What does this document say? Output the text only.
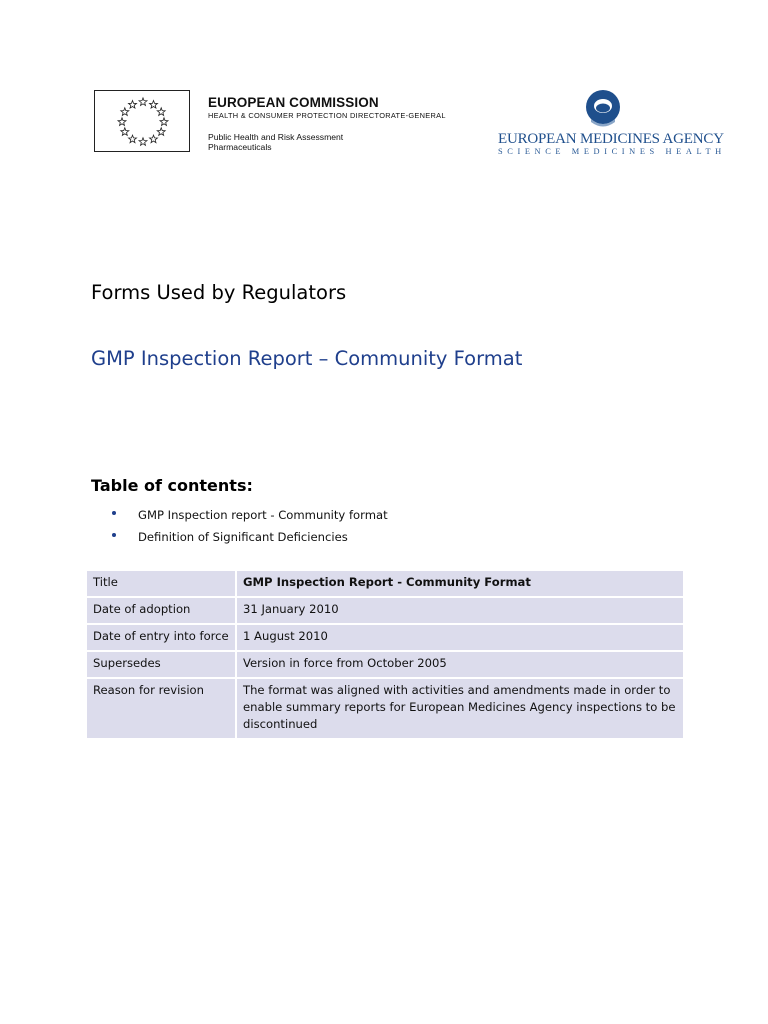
EUROPEAN COMMISSION
HEALTH & CONSUMER PROTECTION DIRECTORATE-GENERAL
Public Health and Risk Assessment
Pharmaceuticals	EUROPEAN MEDICINES AGENCY
SCIENCE MEDICINES HEALTH
Forms Used by Regulators
GMP Inspection Report – Community Format
Table of contents:
GMP Inspection report - Community format
Definition of Significant Deficiencies
Title	GMP Inspection Report - Community Format
Date of adoption	31 January 2010
Date of entry into force	1 August 2010
Supersedes	Version in force from October 2005
Reason for revision	The format was aligned with activities and amendments made in order to enable summary reports for European Medicines Agency inspections to be discontinued
